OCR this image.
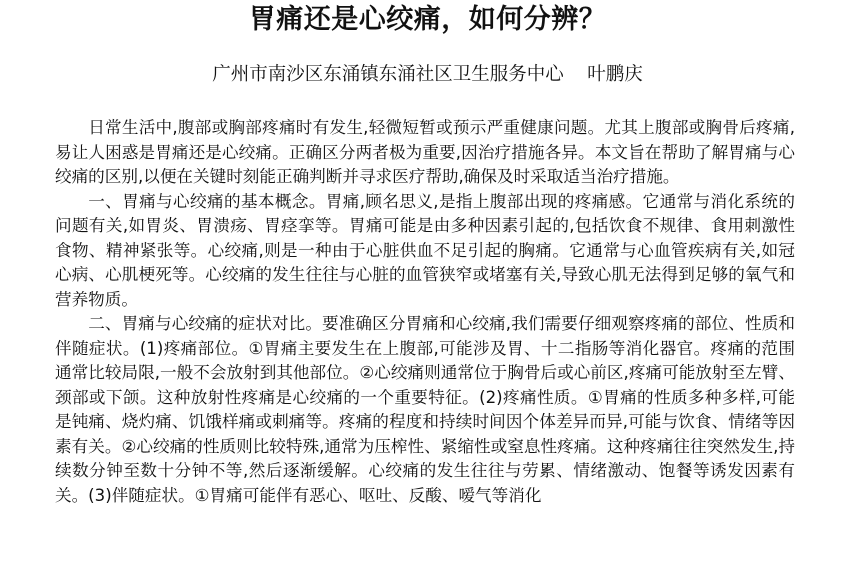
胃痛还是心绞痛，如何分辨？
广州市南沙区东涌镇东涌社区卫生服务中心    叶鹏庆

日常生活中,腹部或胸部疼痛时有发生,轻微短暂或预示严重健康问题。尤其上腹部或胸骨后疼痛,易让人困惑是胃痛还是心绞痛。正确区分两者极为重要,因治疗措施各异。本文旨在帮助了解胃痛与心绞痛的区别,以便在关键时刻能正确判断并寻求医疗帮助,确保及时采取适当治疗措施。

一、胃痛与心绞痛的基本概念。胃痛,顾名思义,是指上腹部出现的疼痛感。它通常与消化系统的问题有关,如胃炎、胃溃疡、胃痉挛等。胃痛可能是由多种因素引起的,包括饮食不规律、食用刺激性食物、精神紧张等。心绞痛,则是一种由于心脏供血不足引起的胸痛。它通常与心血管疾病有关,如冠心病、心肌梗死等。心绞痛的发生往往与心脏的血管狭窄或堵塞有关,导致心肌无法得到足够的氧气和营养物质。

二、胃痛与心绞痛的症状对比。要准确区分胃痛和心绞痛,我们需要仔细观察疼痛的部位、性质和伴随症状。(1)疼痛部位。①胃痛主要发生在上腹部,可能涉及胃、十二指肠等消化器官。疼痛的范围通常比较局限,一般不会放射到其他部位。②心绞痛则通常位于胸骨后或心前区,疼痛可能放射至左臂、颈部或下颌。这种放射性疼痛是心绞痛的一个重要特征。(2)疼痛性质。①胃痛的性质多种多样,可能是钝痛、烧灼痛、饥饿样痛或刺痛等。疼痛的程度和持续时间因个体差异而异,可能与饮食、情绪等因素有关。②心绞痛的性质则比较特殊,通常为压榨性、紧缩性或窒息性疼痛。这种疼痛往往突然发生,持续数分钟至数十分钟不等,然后逐渐缓解。心绞痛的发生往往与劳累、情绪激动、饱餐等诱发因素有关。(3)伴随症状。①胃痛可能伴有恶心、呕吐、反酸、嗳气等消化
